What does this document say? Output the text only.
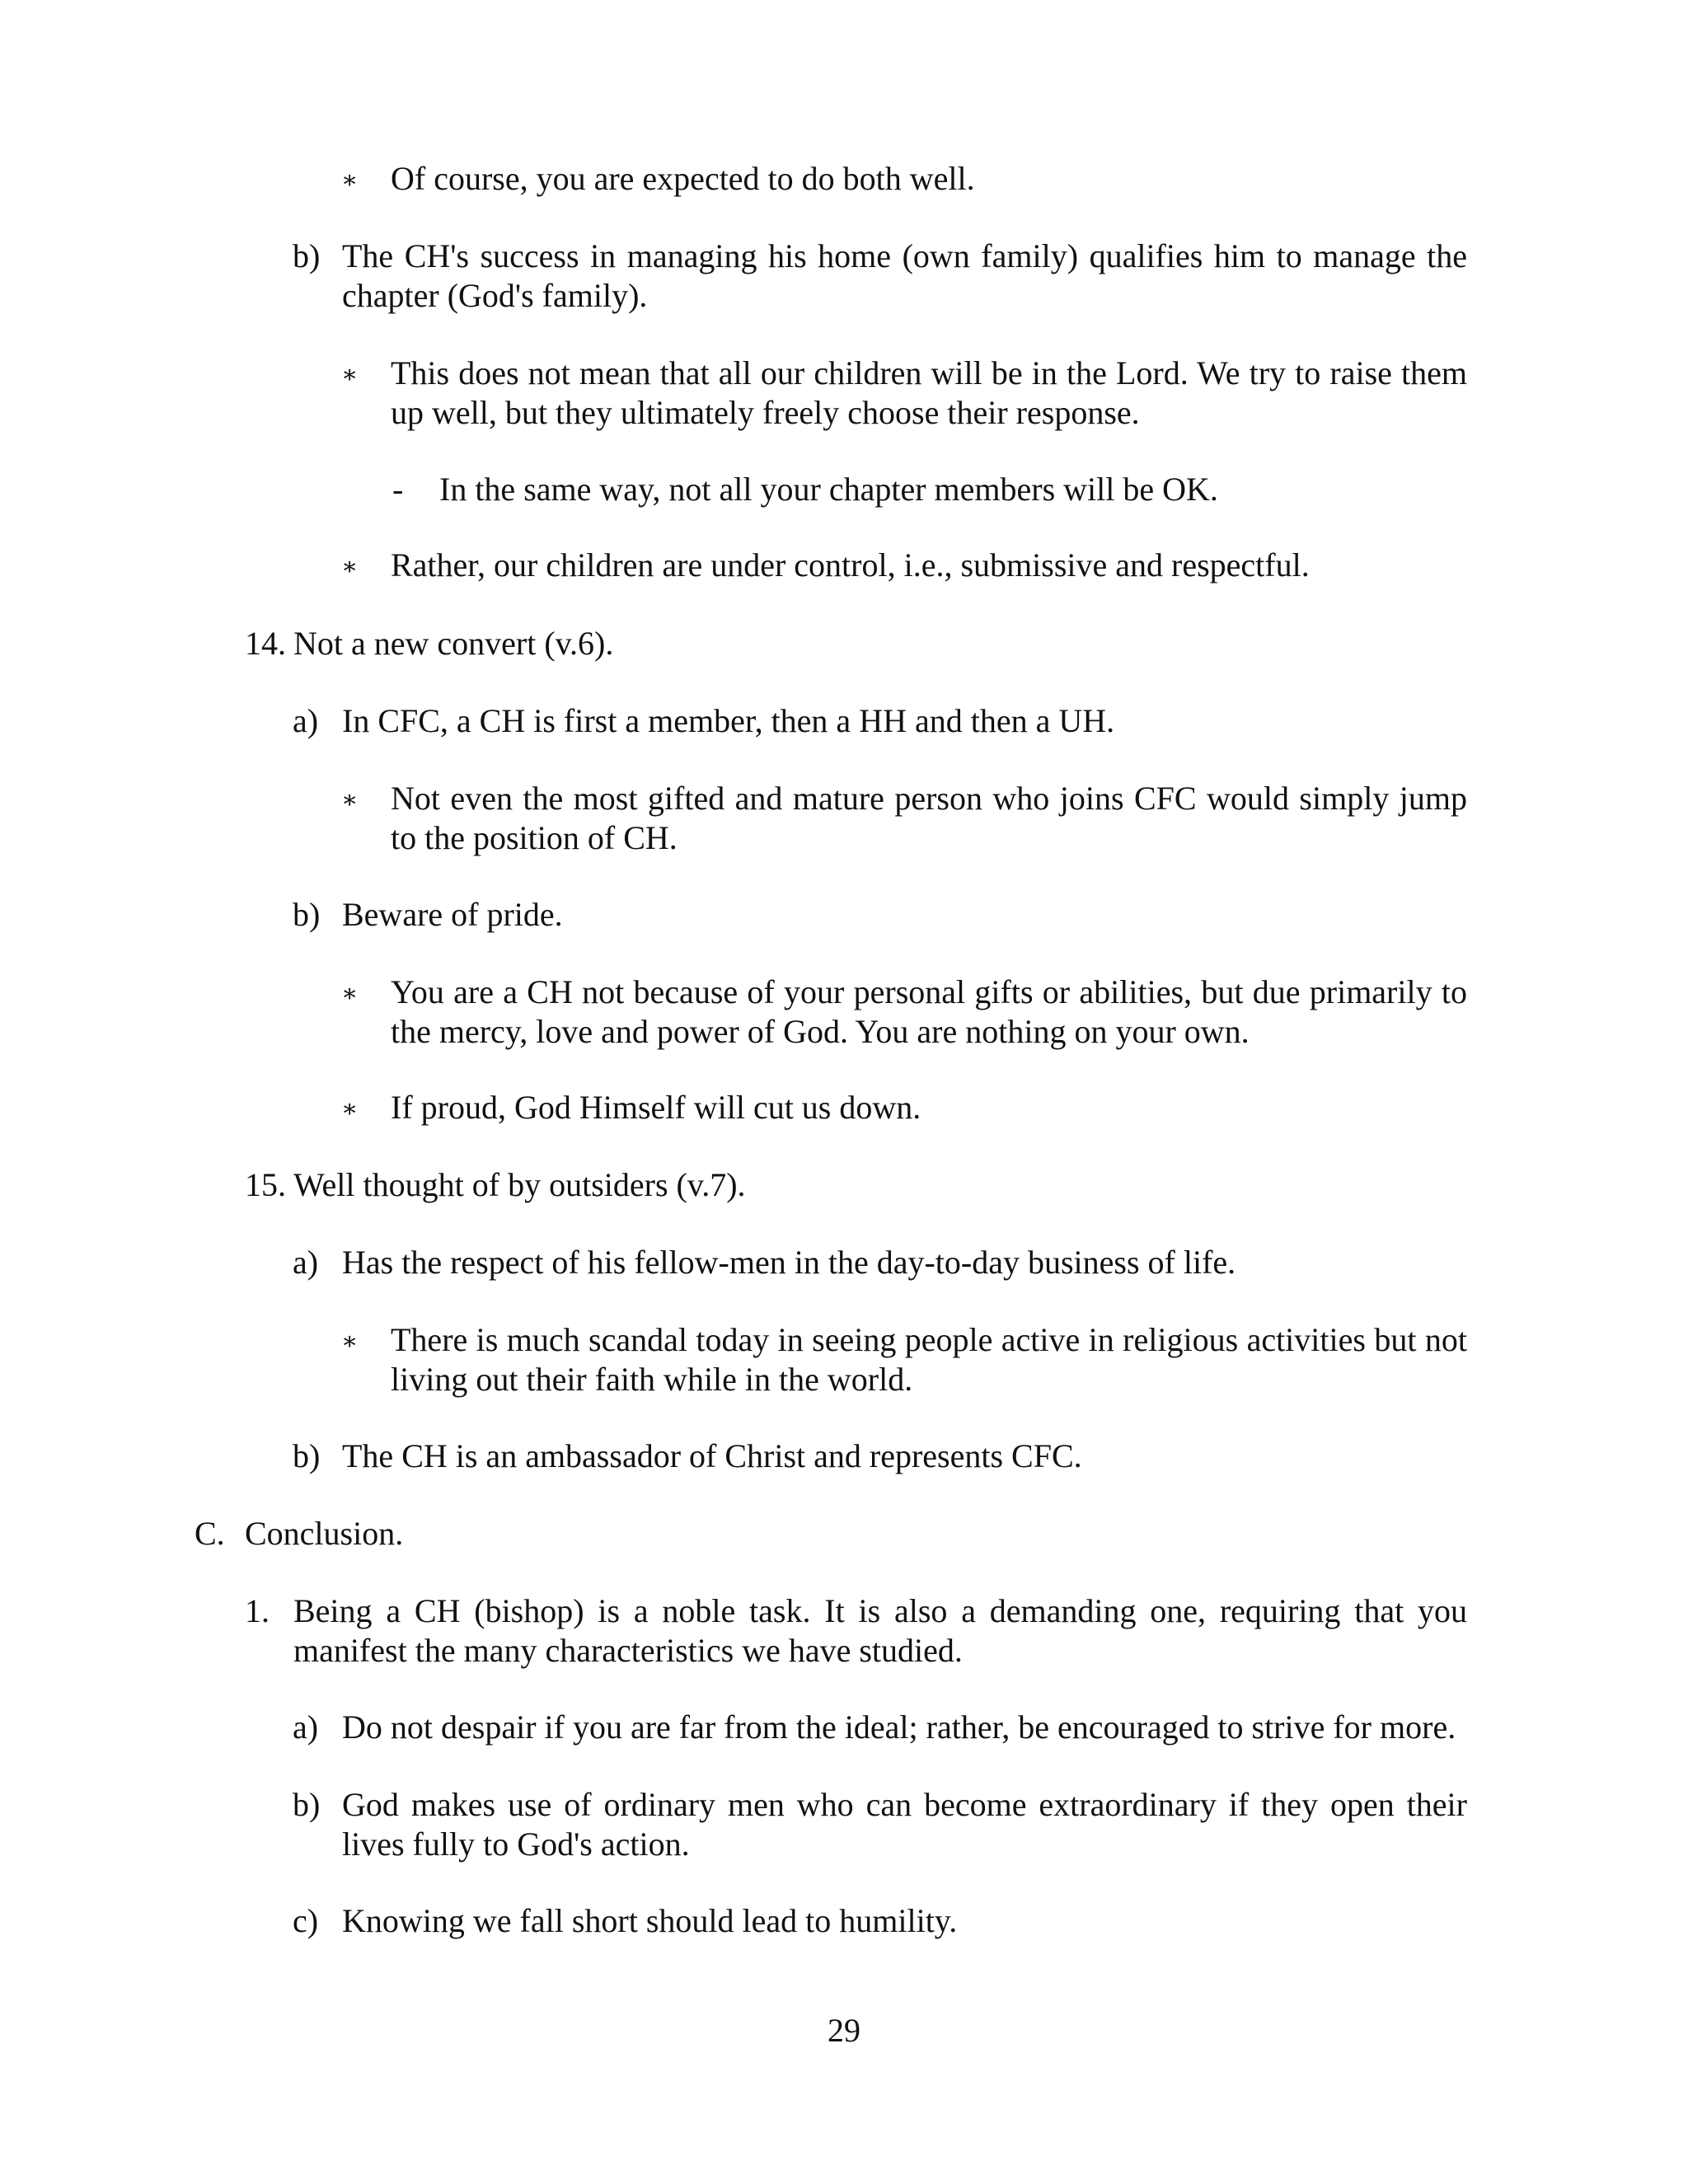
∗ Of course, you are expected to do both well.
b) The CH's success in managing his home (own family) qualifies him to manage the chapter (God's family).
∗ This does not mean that all our children will be in the Lord. We try to raise them up well, but they ultimately freely choose their response.
- In the same way, not all your chapter members will be OK.
∗ Rather, our children are under control, i.e., submissive and respectful.
14. Not a new convert (v.6).
a) In CFC, a CH is first a member, then a HH and then a UH.
∗ Not even the most gifted and mature person who joins CFC would simply jump to the position of CH.
b) Beware of pride.
∗ You are a CH not because of your personal gifts or abilities, but due primarily to the mercy, love and power of God. You are nothing on your own.
∗ If proud, God Himself will cut us down.
15. Well thought of by outsiders (v.7).
a) Has the respect of his fellow-men in the day-to-day business of life.
∗ There is much scandal today in seeing people active in religious activities but not living out their faith while in the world.
b) The CH is an ambassador of Christ and represents CFC.
C. Conclusion.
1. Being a CH (bishop) is a noble task. It is also a demanding one, requiring that you manifest the many characteristics we have studied.
a) Do not despair if you are far from the ideal; rather, be encouraged to strive for more.
b) God makes use of ordinary men who can become extraordinary if they open their lives fully to God's action.
c) Knowing we fall short should lead to humility.
29
